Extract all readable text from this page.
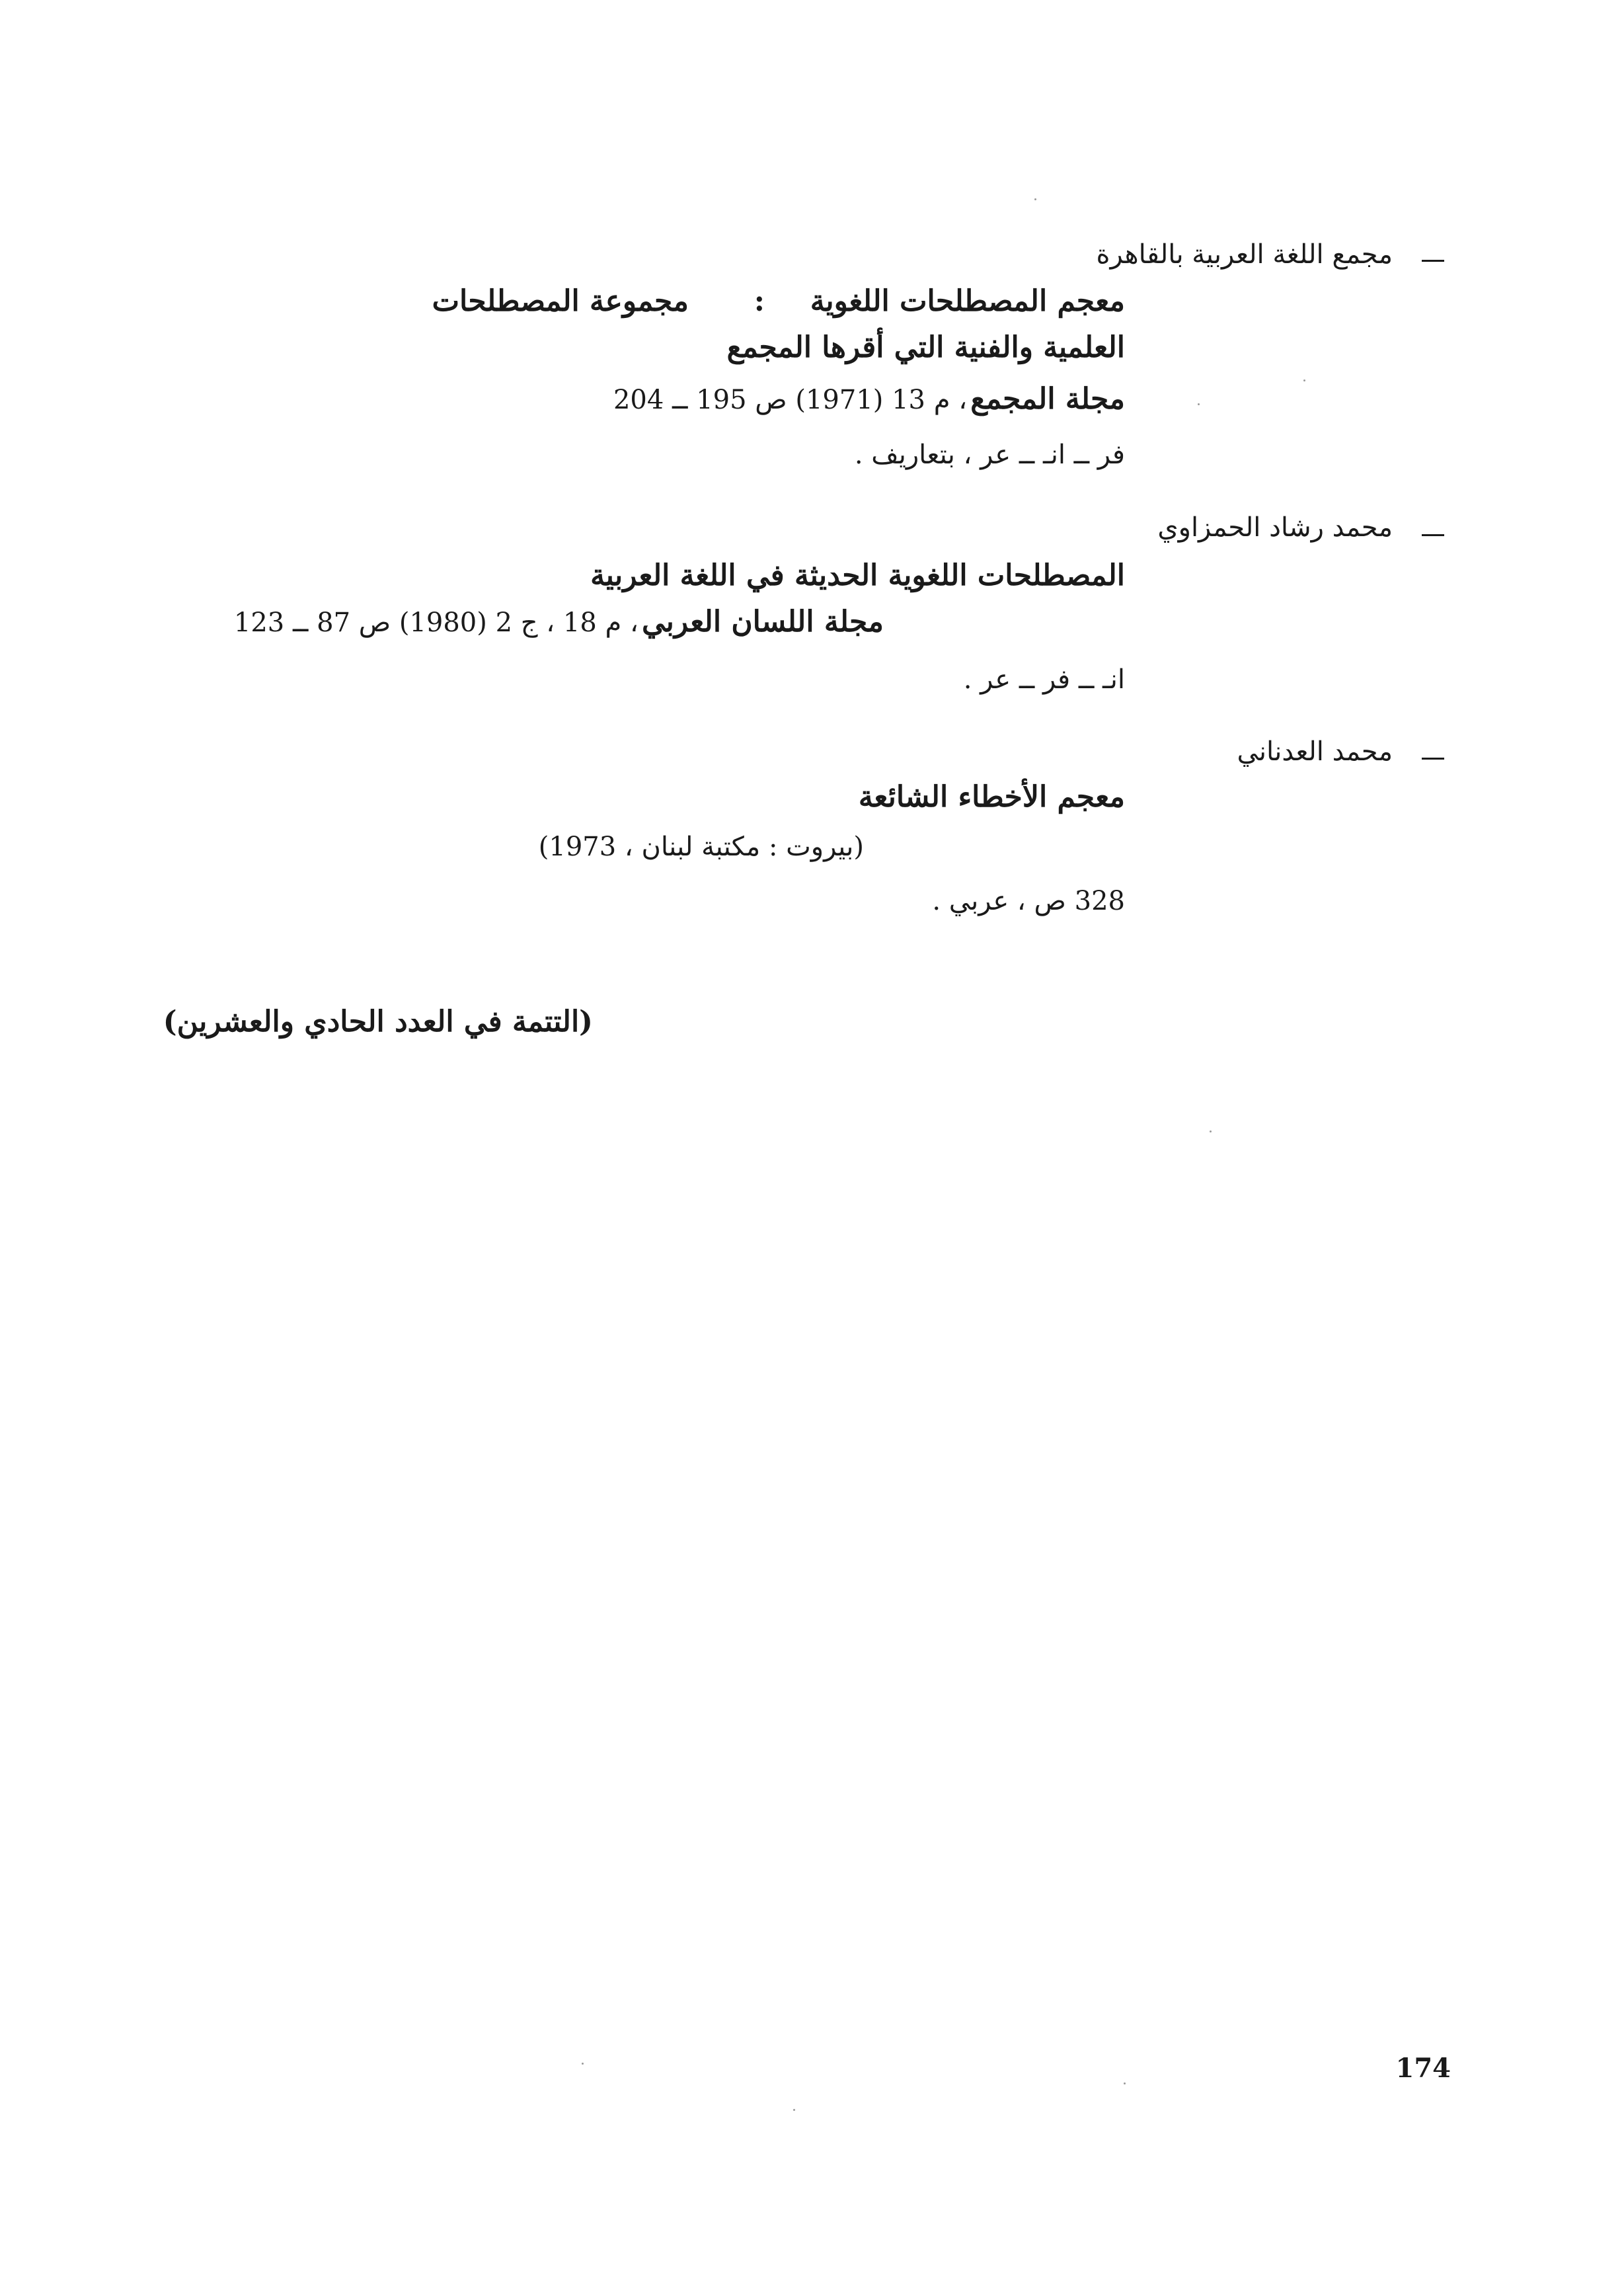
مجمع اللغة العربية بالقاهرة
معجم المصطلحات اللغوية
:
مجموعة المصطلحات
العلمية والفنية التي أقرها المجمع
مجلة المجمع ، م 13 (1971) ص 195 ــ 204
فر ــ انـ ــ عر ، بتعاريف .
محمد رشاد الحمزاوي
المصطلحات اللغوية الحديثة في اللغة العربية
مجلة اللسان العربي ، م 18 ، ج 2 (1980) ص 87 ــ 123
انـ ــ فر ــ عر .
محمد العدناني
معجم الأخطاء الشائعة
(بيروت : مكتبة لبنان ، 1973)
328 ص ، عربي .
(التتمة في العدد الحادي والعشرين)
174
